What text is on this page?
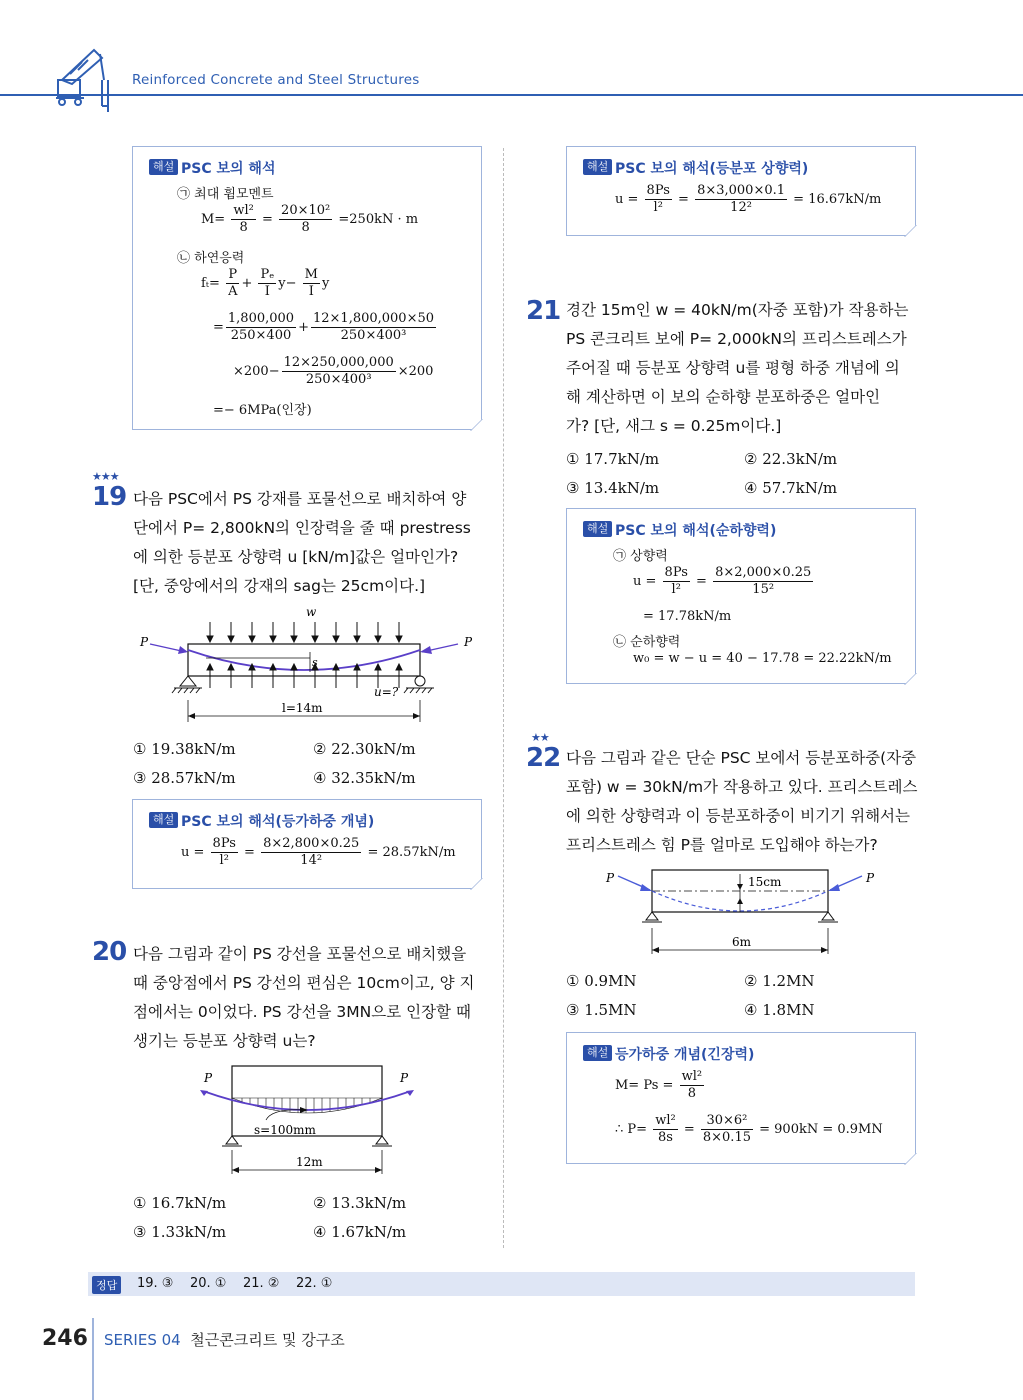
Reinforced Concrete and Steel Structures
해설 PSC 보의 해석
㉠ 최대 휨모멘트
$M= \frac{\text{wl²}}{8} = \frac{\text{20×10²}}{8} =250kN \cdot m$
㉡ 하연응력
$f_t= \frac{P}{A} + \frac{\text{Pₑ}}{I} y- \frac{M}{I}$ y
= $\frac{1,800,000}{250\times 400} + \frac{12\times 1,800,000\times 50}{\text{250×400³}}$
$\times 200- \frac{12\times 250,000,000}{\text{250×400³}} \times 200$
=− 6MPa(인장)
★★★
19 다음 PSC에서 PS 강재를 포물선으로 배치하여 양
단에서 P= 2,800kN의 인장력을 줄 때 prestress
에 의한 등분포 상향력 u [kN/m]값은 얼마인가?
[단, 중앙에서의 강재의 sag는 25cm이다.]
w
s
P	P
u=?
l=14m
① 19.38kN/m	② 22.30kN/m
③ 28.57kN/m	④ 32.35kN/m
해설 PSC 보의 해석(등가하중 개념)
$u = \frac{8Ps}{\text{l²}} = \frac{8\times 2,800\times 0.25}{\text{14²}} = 28.57kN/m$
20 다음 그림과 같이 PS 강선을 포물선으로 배치했을
때 중앙점에서 PS 강선의 편심은 10cm이고, 양 지
점에서는 0이었다. PS 강선을 3MN으로 인장할 때
생기는 등분포 상향력 u는?
P	P
s=100mm
12m
① 16.7kN/m	② 13.3kN/m
③ 1.33kN/m	④ 1.67kN/m
해설 PSC 보의 해석(등분포 상향력)
$u = \frac{8Ps}{\text{l²}} = \frac{8\times 3,000\times 0.1}{\text{12²}} = 16.67kN/m$
21 경간 15m인 w = 40kN/m(자중 포함)가 작용하는
PS 콘크리트 보에 P= 2,000kN의 프리스트레스가
주어질 때 등분포 상향력 u를 평형 하중 개념에 의
해 계산하면 이 보의 순하향 분포하중은 얼마인
가? [단, 새그 s = 0.25m이다.]
① 17.7kN/m	② 22.3kN/m
③ 13.4kN/m	④ 57.7kN/m
해설 PSC 보의 해석(순하향력)
㉠ 상향력
$u = \frac{8Ps}{\text{l²}} = \frac{8\times 2,000\times 0.25}{\text{15²}}$
= 17.78kN/m
㉡ 순하향력
w₀ = w − u = 40 − 17.78 = 22.22kN/m
★★
22 다음 그림과 같은 단순 PSC 보에서 등분포하중(자중
포함) w = 30kN/m가 작용하고 있다. 프리스트레스
에 의한 상향력과 이 등분포하중이 비기기 위해서는
프리스트레스 힘 P를 얼마로 도입해야 하는가?
15cm
P	P
6m
① 0.9MN	② 1.2MN
③ 1.5MN	④ 1.8MN
해설 등가하중 개념(긴장력)
$M= Ps = \frac{\text{wl²}}{8}$
∴ $P= \frac{\text{wl²}}{8s} = \frac{\text{30×6²}}{8\times 0.15} = 900kN = 0.9MN$
정답	19. ③    20. ①    21. ②    22. ①
246 SERIES 04 철근콘크리트 및 강구조
